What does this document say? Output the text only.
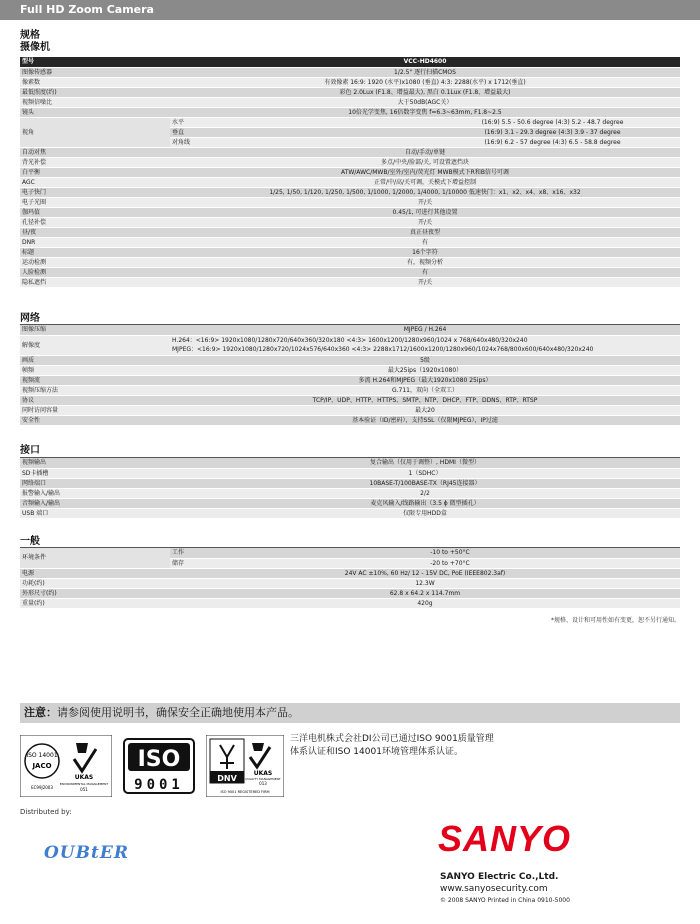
Full HD Zoom Camera
规格
摄像机
型号	VCC-HD4600	
图像传感器	1/2.5" 逐行扫描CMOS	
像素数	有效像素 16:9: 1920 (水平)x1080 (垂直) 4:3: 2288(水平) x 1712(垂直)	
最低照度(约)	彩色 2.0Lux (F1.8、增益最大), 黑白 0.1Lux (F1.8、增益最大)	
视频信噪比	大于50dB(AGC关）	
镜头	10倍光学变焦, 16倍数字变焦 f=6.3~63mm, F1.8~2.5	
视角	水平	(16:9) 5.5 - 50.6 degree (4:3) 5.2 - 48.7 degree
	垂直	(16:9) 3.1 - 29.3 degree (4:3) 3.9 - 37 degree
	对角线	(16:9) 6.2 - 57 degree (4:3) 6.5 - 58.8 degree
自动对焦	自动/手动/单键	
背光补偿	多点/中央/脸部/关, 可设置遮挡块	
白平衡	ATW/AWC/MWB/室外/室内/荧光灯 MWB模式下R和B信号可调	
AGC	正常/中/高/关可调，关模式下增益控制	
电子快门	1/25, 1/50, 1/120, 1/250, 1/500, 1/1000, 1/2000, 1/4000, 1/10000 低速快门：x1、x2、x4、x8、x16、x32	
电子光圈	开/关	
伽玛值	0.45/1, 可进行其他设置	
孔径补偿	开/关	
昼/夜	真正昼夜型	
DNR	有	
标题	16个字符	
运动检测	有，视频分析	
人脸检测	有	
隐私遮挡	开/关	
网络
图像压缩	MJPEG / H.264
解像度	H.264：<16:9> 1920x1080/1280x720/640x360/320x180 <4:3> 1600x1200/1280x960/1024 x 768/640x480/320x240
MJPEG：<16:9> 1920x1080/1280x720/1024x576/640x360 <4:3> 2288x1712/1600x1200/1280x960/1024x768/800x600/640x480/320x240

画质	5级
帧频	最大25ips（1920x1080）
视频流	多流 H.264和MJPEG（最大1920x1080 25ips）
视频压缩方法	G.711，双向（全双工）
协议	TCP/IP、UDP、HTTP、HTTPS、SMTP、NTP、DHCP、FTP、DDNS、RTP、RTSP
同时访问容量	最大20
安全性	基本验证（ID/密码），支持SSL（仅限MJPEG），IP过滤
接口
视频输出	复合输出（仅用于调整）, HDMI（微型）
SD卡插槽	1（SDHC）
网络端口	10BASE-T/100BASE-TX（RJ45连接器）
报警输入/输出	2/2
音频输入/输出	麦克风输入/线路输出（3.5 ϕ 微型插孔）
USB 端口	仅限专用HDD盒
一般
环境条件	工作	-10 to +50°C
	储存	-20 to +70°C
电源	24V AC ±10%, 60 Hz/ 12 - 15V DC, PoE (IEEE802.3af)	
功耗(约)	12.3W	
外形尺寸(约)	62.8 x 64.2 x 114.7mm	
重量(约)	420g	
*规格、设计和可用性如有变更，恕不另行通知。
注意：请参阅使用说明书，确保安全正确地使用本产品。
ISO 14001
JACO
EC99J2003
UKAS
ENVIRONMENTAL MANAGEMENT
051
ISO
9001	DNV
UKAS
QUALITY MANAGEMENT
013
ISO 9001 REGISTERED FIRM
三洋电机株式会社DI公司已通过ISO 9001质量管理
体系认证和ISO 14001环境管理体系认证。
Distributed by:
OUBtER	SANYO
SANYO Electric Co.,Ltd.
www.sanyosecurity.com
© 2008 SANYO Printed in China 0910-5000
